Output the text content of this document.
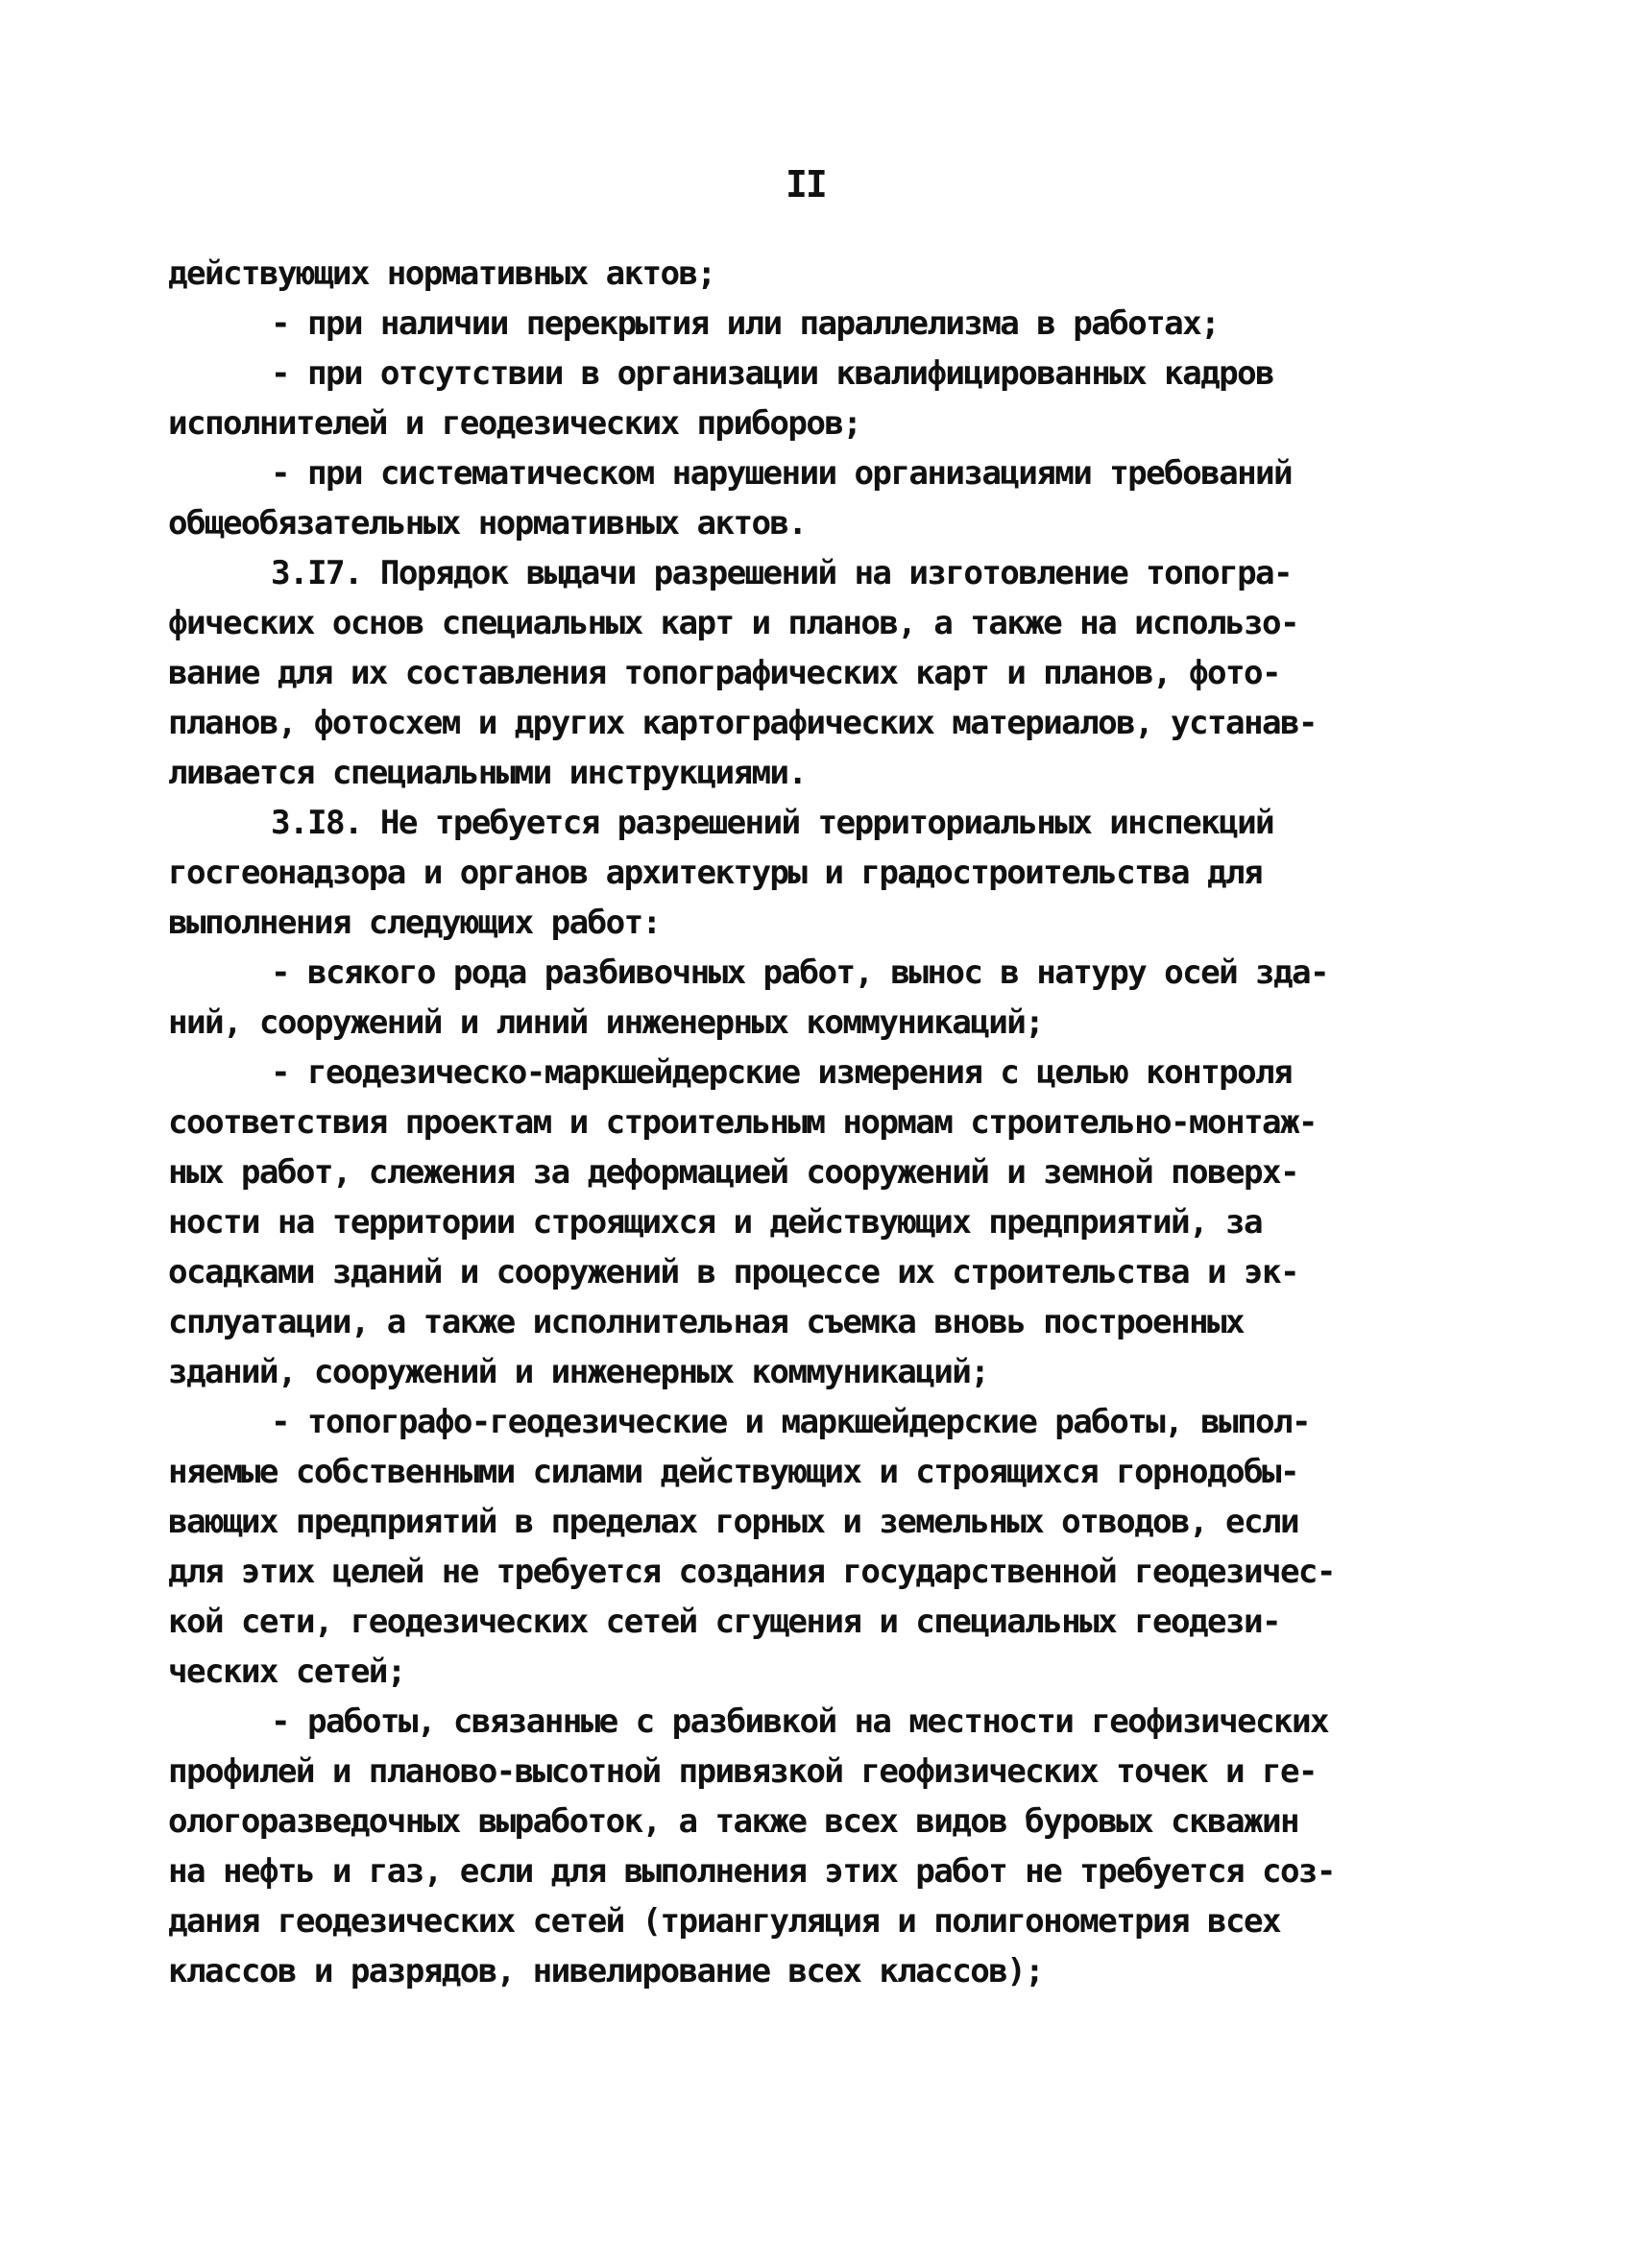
II
действующих нормативных актов;
- при наличии перекрытия или параллелизма в работах;
- при отсутствии в организации квалифицированных кадров
исполнителей и геодезических приборов;
- при систематическом нарушении организациями требований
общеобязательных нормативных актов.
3.I7. Порядок выдачи разрешений на изготовление топогра-
фических основ специальных карт и планов, а также на использо-
вание для их составления топографических карт и планов, фото-
планов, фотосхем и других картографических материалов, устанав-
ливается специальными инструкциями.
3.I8. Не требуется разрешений территориальных инспекций
госгеонадзора и органов архитектуры и градостроительства для
выполнения следующих работ:
- всякого рода разбивочных работ, вынос в натуру осей зда-
ний, сооружений и линий инженерных коммуникаций;
- геодезическо-маркшейдерские измерения с целью контроля
соответствия проектам и строительным нормам строительно-монтаж-
ных работ, слежения за деформацией сооружений и земной поверх-
ности на территории строящихся и действующих предприятий, за
осадками зданий и сооружений в процессе их строительства и эк-
сплуатации, а также исполнительная съемка вновь построенных
зданий, сооружений и инженерных коммуникаций;
- топографо-геодезические и маркшейдерские работы, выпол-
няемые собственными силами действующих и строящихся горнодобы-
вающих предприятий в пределах горных и земельных отводов, если
для этих целей не требуется создания государственной геодезичес-
кой сети, геодезических сетей сгущения и специальных геодези-
ческих сетей;
- работы, связанные с разбивкой на местности геофизических
профилей и планово-высотной привязкой геофизических точек и ге-
ологоразведочных выработок, а также всех видов буровых скважин
на нефть и газ, если для выполнения этих работ не требуется соз-
дания геодезических сетей (триангуляция и полигонометрия всех
классов и разрядов, нивелирование всех классов);
